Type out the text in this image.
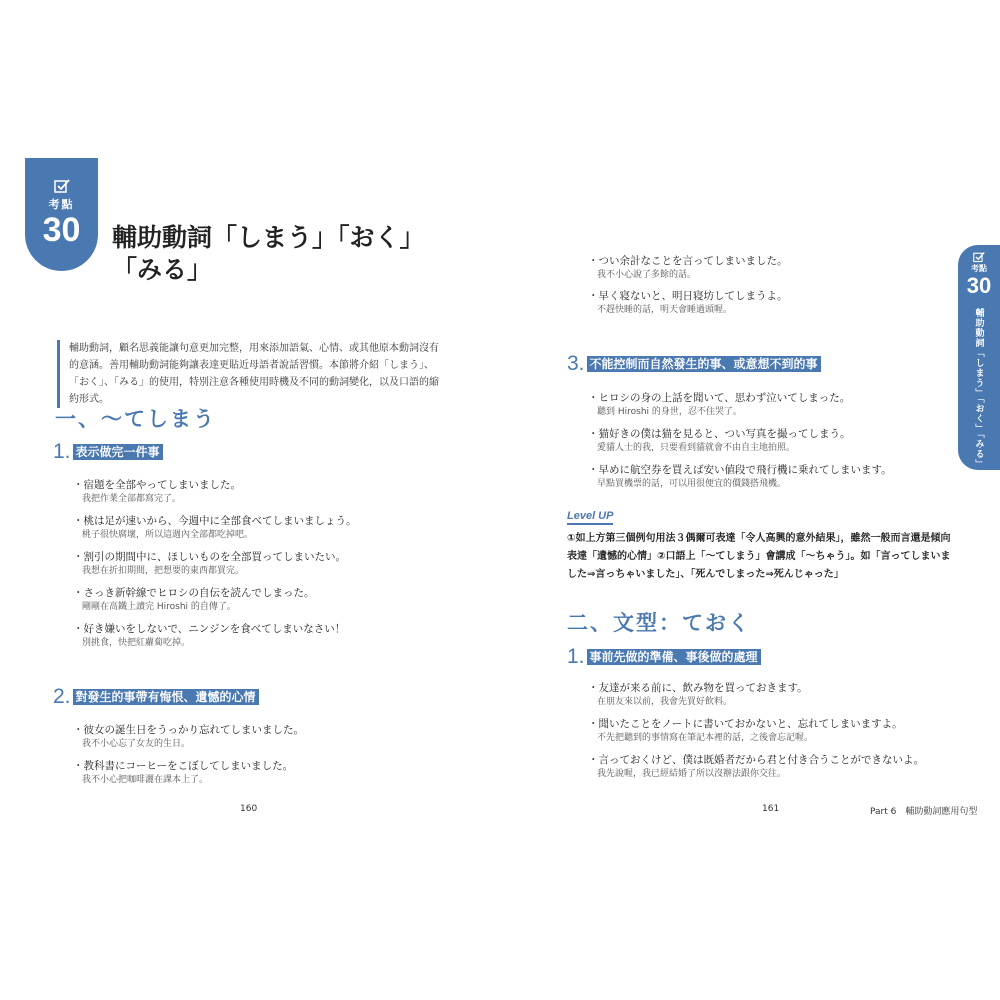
考點
30 輔助動詞「しまう」「おく」
「みる」
輔助動詞，顧名思義能讓句意更加完整，用來添加語氣、心情、或其他原本動詞沒有的意涵。善用輔助動詞能夠讓表達更貼近母語者說話習慣。本節將介紹「しまう」、「おく」、「みる」的使用，特別注意各種使用時機及不同的動詞變化，以及口語的縮約形式。
一、～てしまう
1. 表示做完一件事
・宿題を全部やってしまいました。
我把作業全部都寫完了。
・桃は足が速いから、今週中に全部食べてしまいましょう。
桃子很快腐壞，所以這週內全部都吃掉吧。
・割引の期間中に、ほしいものを全部買ってしまいたい。
我想在折扣期間，把想要的東西都買完。
・さっき新幹線でヒロシの自伝を読んでしまった。
剛剛在高鐵上讀完 Hiroshi 的自傳了。
・好き嫌いをしないで、ニンジンを食べてしまいなさい！
別挑食，快把紅蘿蔔吃掉。
2. 對發生的事帶有悔恨、遺憾的心情
・彼女の誕生日をうっかり忘れてしまいました。
我不小心忘了女友的生日。
・教科書にコーヒーをこぼしてしまいました。
我不小心把咖啡灑在課本上了。
160
・つい余計なことを言ってしまいました。
我不小心說了多餘的話。
・早く寝ないと、明日寝坊してしまうよ。
不趕快睡的話，明天會睡過頭喔。
3. 不能控制而自然發生的事、或意想不到的事
・ヒロシの身の上話を聞いて、思わず泣いてしまった。
聽到 Hiroshi 的身世，忍不住哭了。
・猫好きの僕は猫を見ると、つい写真を撮ってしまう。
愛貓人士的我，只要看到貓就會不由自主地拍照。
・早めに航空券を買えば安い値段で飛行機に乗れてしまいます。
早點買機票的話，可以用很便宜的價錢搭飛機。
Level UP
①如上方第三個例句用法３偶爾可表達「令人高興的意外結果」，雖然一般而言還是傾向表達「遺憾的心情」②口語上「～てしまう」會講成「～ちゃう」。如「言ってしまいました⇒言っちゃいました」、「死んでしまった⇒死んじゃった」
二、文型：ておく
1. 事前先做的準備、事後做的處理
・友達が来る前に、飲み物を買っておきます。
在朋友來以前，我會先買好飲料。
・聞いたことをノートに書いておかないと、忘れてしまいますよ。
不先把聽到的事情寫在筆記本裡的話，之後會忘記喔。
・言っておくけど、僕は既婚者だから君と付き合うことができないよ。
我先說喔，我已經結婚了所以沒辦法跟你交往。
考點
30
輔助動詞「しまう」「おく」「みる」
161	Part 6　輔助動詞應用句型
